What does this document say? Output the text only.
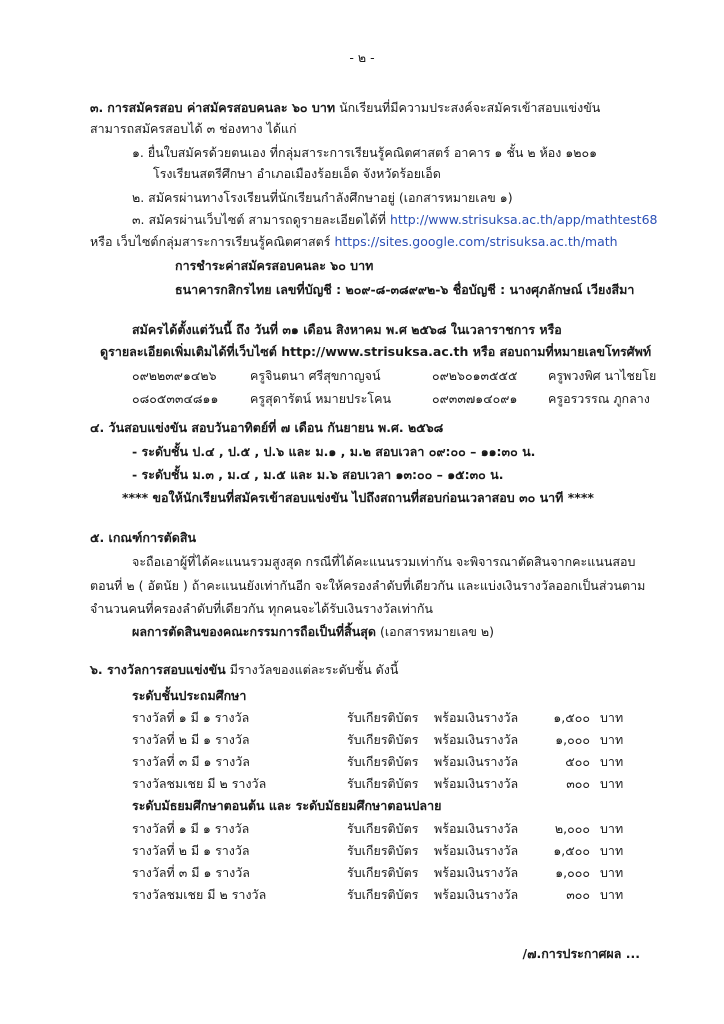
- ๒ -
๓. การสมัครสอบ ค่าสมัครสอบคนละ ๖๐ บาท นักเรียนที่มีความประสงค์จะสมัครเข้าสอบแข่งขัน
สามารถสมัครสอบได้ ๓ ช่องทาง ได้แก่
๑. ยื่นใบสมัครด้วยตนเอง ที่กลุ่มสาระการเรียนรู้คณิตศาสตร์ อาคาร ๑ ชั้น ๒ ห้อง ๑๒๐๑
โรงเรียนสตรีศึกษา อำเภอเมืองร้อยเอ็ด จังหวัดร้อยเอ็ด
๒. สมัครผ่านทางโรงเรียนที่นักเรียนกำลังศึกษาอยู่ (เอกสารหมายเลข ๑)
๓. สมัครผ่านเว็บไซต์ สามารถดูรายละเอียดได้ที่ http://www.strisuksa.ac.th/app/mathtest68
หรือ เว็บไซต์กลุ่มสาระการเรียนรู้คณิตศาสตร์ https://sites.google.com/strisuksa.ac.th/math
การชำระค่าสมัครสอบคนละ ๖๐ บาท
ธนาคารกสิกรไทย เลขที่บัญชี : ๒๐๙-๘-๓๘๙๙๒-๖ ชื่อบัญชี : นางศุภลักษณ์ เวียงสีมา
สมัครได้ตั้งแต่วันนี้ ถึง วันที่ ๓๑ เดือน สิงหาคม พ.ศ ๒๕๖๘ ในเวลาราชการ หรือ
ดูรายละเอียดเพิ่มเติมได้ที่เว็บไซต์ http://www.strisuksa.ac.th หรือ สอบถามที่หมายเลขโทรศัพท์
๐๙๒๒๓๙๑๔๒๖	ครูจินตนา ศรีสุขกาญจน์	๐๙๒๖๐๑๓๕๕๕ ครูพวงพิศ นาไชยโย
๐๘๐๕๓๓๔๘๑๑	ครูสุดารัตน์ หมายประโคน	๐๙๓๓๗๑๔๐๙๑ ครูอรวรรณ ภูกลาง
๔. วันสอบแข่งขัน สอบวันอาทิตย์ที่ ๗ เดือน กันยายน พ.ศ. ๒๕๖๘
- ระดับชั้น ป.๔ , ป.๕ , ป.๖ และ ม.๑ , ม.๒ สอบเวลา ๐๙:๐๐ – ๑๑:๓๐ น.
- ระดับชั้น ม.๓ , ม.๔ , ม.๕ และ ม.๖ สอบเวลา ๑๓:๐๐ – ๑๕:๓๐ น.
**** ขอให้นักเรียนที่สมัครเข้าสอบแข่งขัน ไปถึงสถานที่สอบก่อนเวลาสอบ ๓๐ นาที ****
๕. เกณฑ์การตัดสิน
จะถือเอาผู้ที่ได้คะแนนรวมสูงสุด กรณีที่ได้คะแนนรวมเท่ากัน จะพิจารณาตัดสินจากคะแนนสอบ
ตอนที่ ๒ ( อัตนัย ) ถ้าคะแนนยังเท่ากันอีก จะให้ครองลำดับที่เดียวกัน และแบ่งเงินรางวัลออกเป็นส่วนตาม
จำนวนคนที่ครองลำดับที่เดียวกัน ทุกคนจะได้รับเงินรางวัลเท่ากัน
ผลการตัดสินของคณะกรรมการถือเป็นที่สิ้นสุด (เอกสารหมายเลข ๒)
๖. รางวัลการสอบแข่งขัน มีรางวัลของแต่ละระดับชั้น ดังนี้
ระดับชั้นประถมศึกษา
รางวัลที่ ๑ มี ๑ รางวัล	รับเกียรติบัตร พร้อมเงินรางวัล	๑,๕๐๐ บาท
รางวัลที่ ๒ มี ๑ รางวัล	รับเกียรติบัตร พร้อมเงินรางวัล	๑,๐๐๐ บาท
รางวัลที่ ๓ มี ๑ รางวัล	รับเกียรติบัตร พร้อมเงินรางวัล	๕๐๐ บาท
รางวัลชมเชย มี ๒ รางวัล	รับเกียรติบัตร พร้อมเงินรางวัล	๓๐๐ บาท
ระดับมัธยมศึกษาตอนต้น และ ระดับมัธยมศึกษาตอนปลาย
รางวัลที่ ๑ มี ๑ รางวัล	รับเกียรติบัตร พร้อมเงินรางวัล	๒,๐๐๐ บาท
รางวัลที่ ๒ มี ๑ รางวัล	รับเกียรติบัตร พร้อมเงินรางวัล	๑,๕๐๐ บาท
รางวัลที่ ๓ มี ๑ รางวัล	รับเกียรติบัตร พร้อมเงินรางวัล	๑,๐๐๐ บาท
รางวัลชมเชย มี ๒ รางวัล	รับเกียรติบัตร พร้อมเงินรางวัล	๓๐๐ บาท
/๗.การประกาศผล ...
